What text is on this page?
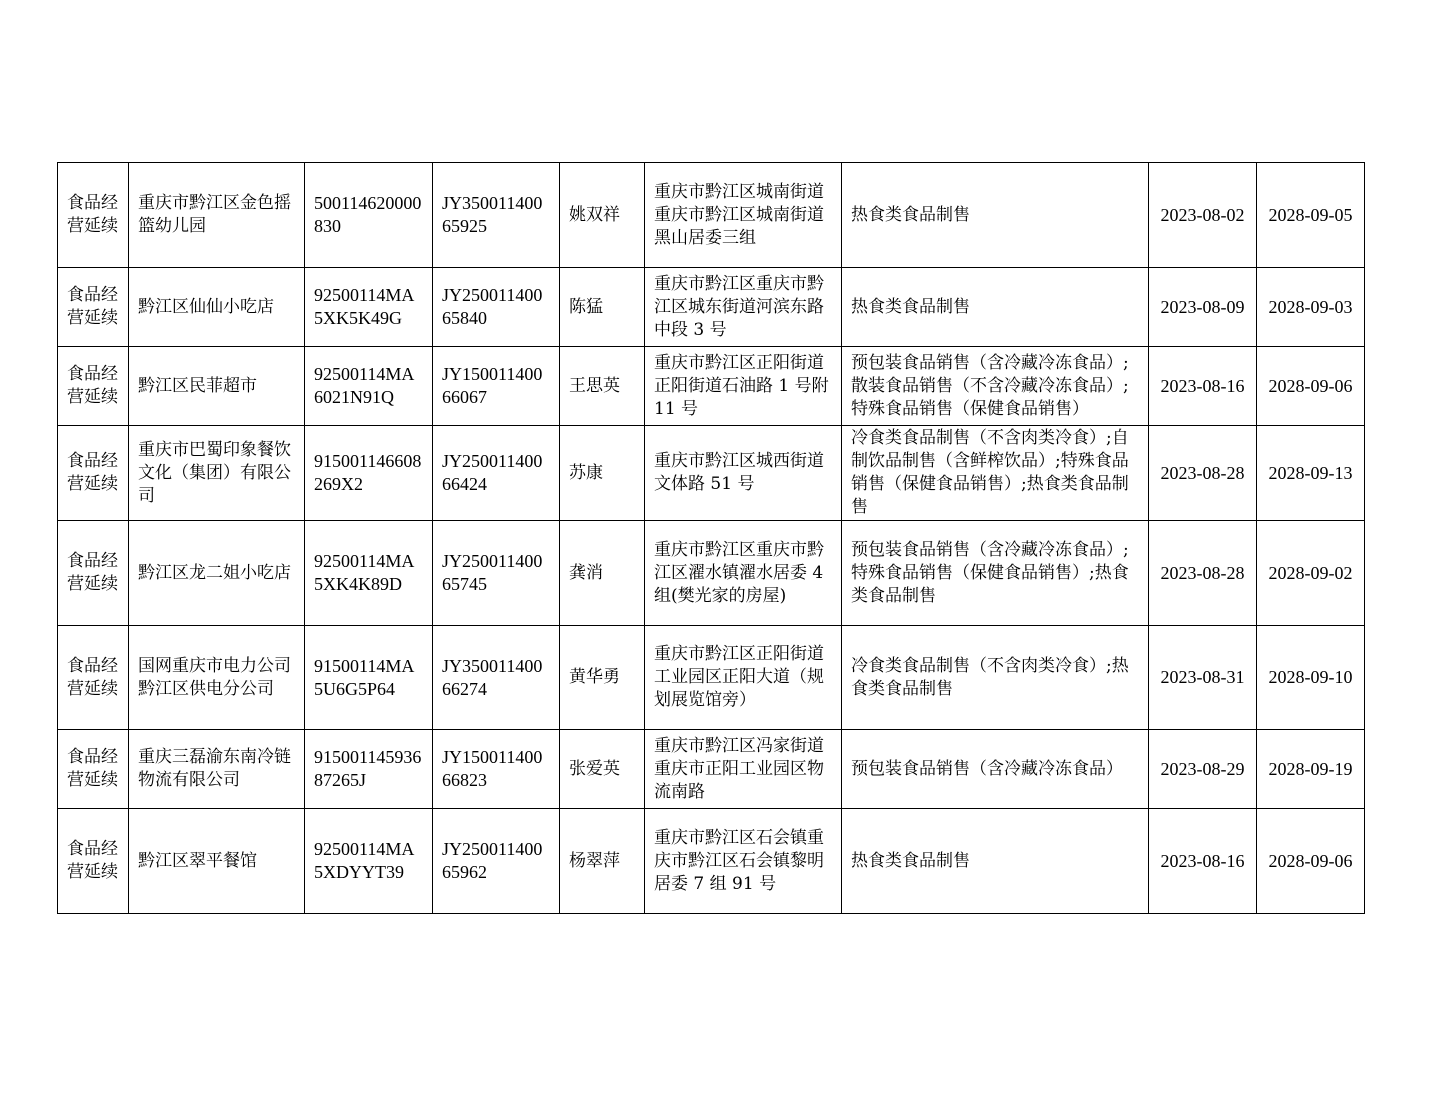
食品经营延续	重庆市黔江区金色摇篮幼儿园	500114620000830	JY35001140065925	姚双祥	重庆市黔江区城南街道重庆市黔江区城南街道黑山居委三组	热食类食品制售	2023-08-02	2028-09-05
食品经营延续	黔江区仙仙小吃店	92500114MA5XK5K49G	JY25001140065840	陈猛	重庆市黔江区重庆市黔江区城东街道河滨东路中段 3 号	热食类食品制售	2023-08-09	2028-09-03
食品经营延续	黔江区民菲超市	92500114MA6021N91Q	JY15001140066067	王思英	重庆市黔江区正阳街道正阳街道石油路 1 号附 11 号	预包装食品销售（含冷藏冷冻食品）;散装食品销售（不含冷藏冷冻食品）;特殊食品销售（保健食品销售）	2023-08-16	2028-09-06
食品经营延续	重庆市巴蜀印象餐饮文化（集团）有限公司	915001146608269X2	JY25001140066424	苏康	重庆市黔江区城西街道文体路 51 号	冷食类食品制售（不含肉类冷食）;自制饮品制售（含鲜榨饮品）;特殊食品销售（保健食品销售）;热食类食品制售	2023-08-28	2028-09-13
食品经营延续	黔江区龙二姐小吃店	92500114MA5XK4K89D	JY25001140065745	龚消	重庆市黔江区重庆市黔江区濯水镇濯水居委 4 组(樊光家的房屋)	预包装食品销售（含冷藏冷冻食品）;特殊食品销售（保健食品销售）;热食类食品制售	2023-08-28	2028-09-02
食品经营延续	国网重庆市电力公司黔江区供电分公司	91500114MA5U6G5P64	JY35001140066274	黄华勇	重庆市黔江区正阳街道工业园区正阳大道（规划展览馆旁）	冷食类食品制售（不含肉类冷食）;热食类食品制售	2023-08-31	2028-09-10
食品经营延续	重庆三磊渝东南冷链物流有限公司	91500114593687265J	JY15001140066823	张爱英	重庆市黔江区冯家街道重庆市正阳工业园区物流南路	预包装食品销售（含冷藏冷冻食品）	2023-08-29	2028-09-19
食品经营延续	黔江区翠平餐馆	92500114MA5XDYYT39	JY25001140065962	杨翠萍	重庆市黔江区石会镇重庆市黔江区石会镇黎明居委 7 组 91 号	热食类食品制售	2023-08-16	2028-09-06
